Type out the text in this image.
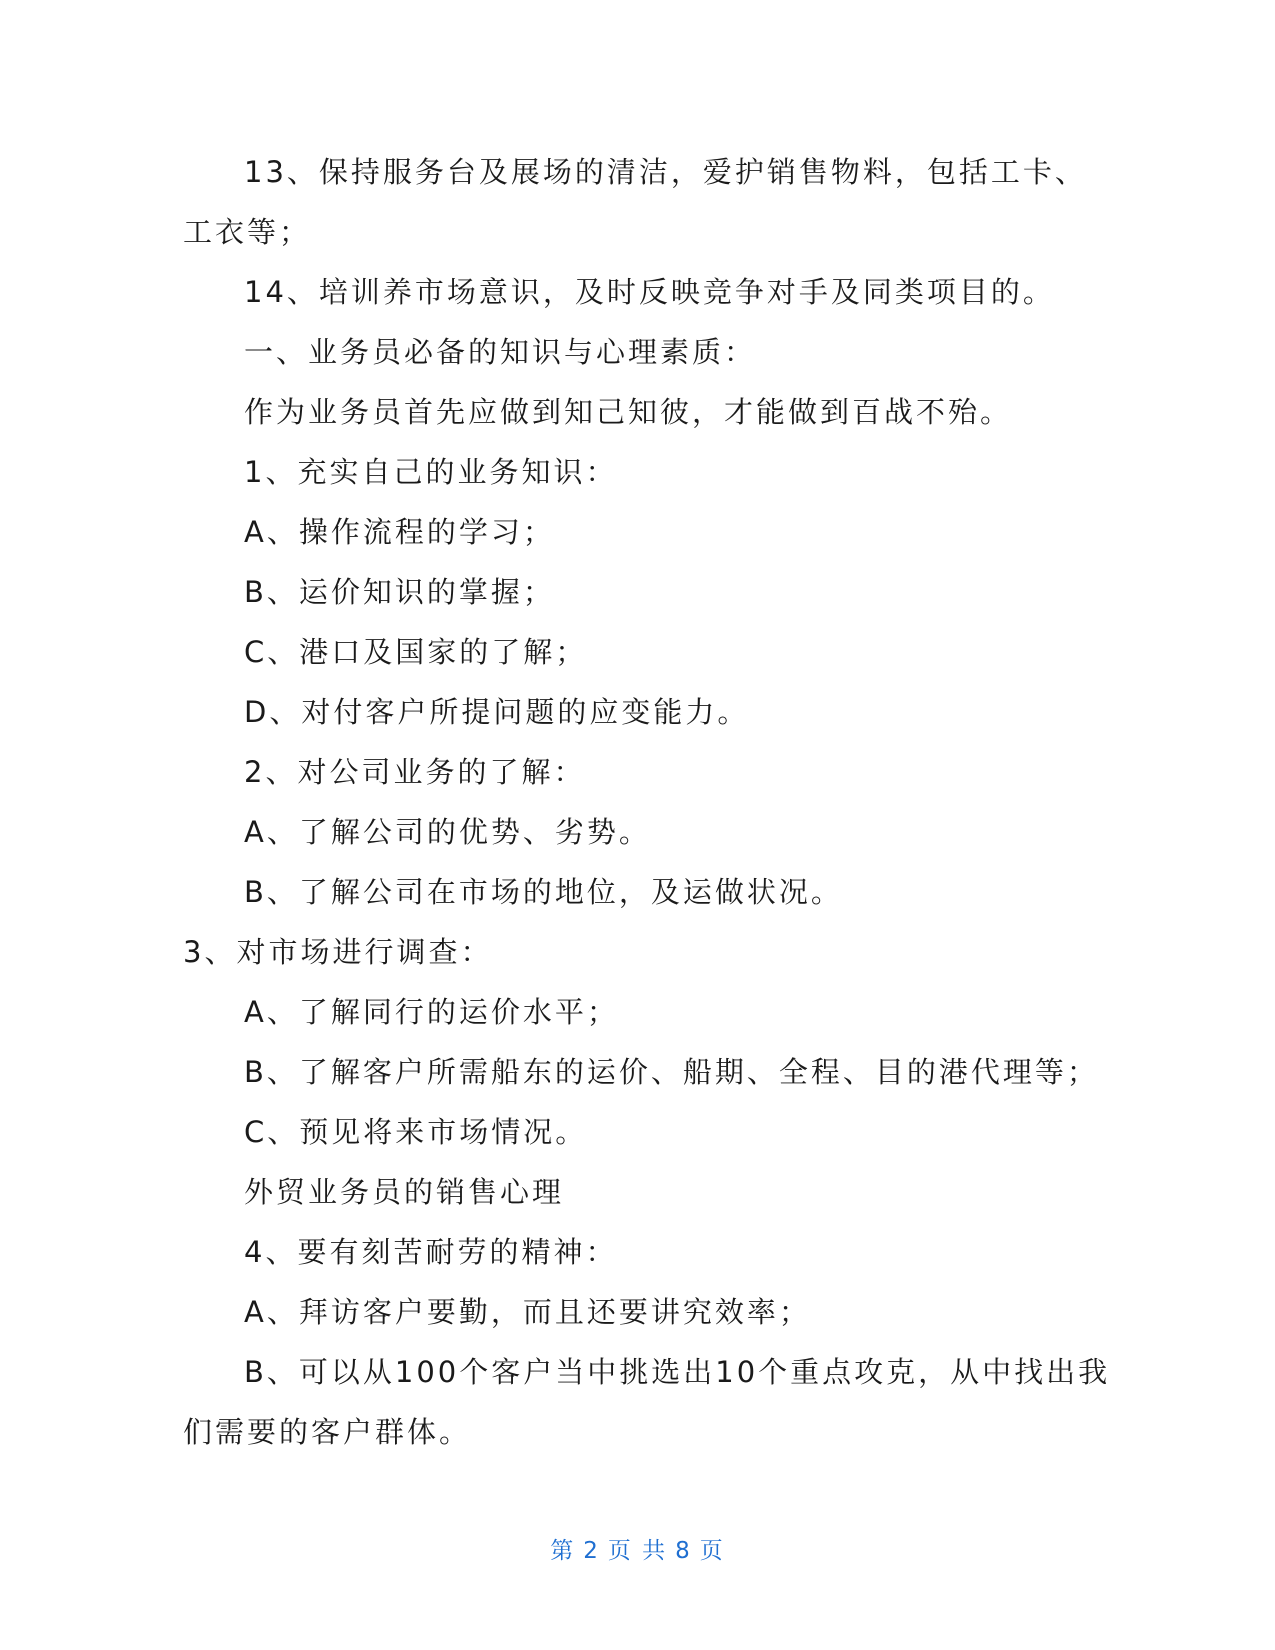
13、保持服务台及展场的清洁，爱护销售物料，包括工卡、
工衣等；
14、培训养市场意识，及时反映竞争对手及同类项目的。
一、业务员必备的知识与心理素质：
作为业务员首先应做到知己知彼，才能做到百战不殆。
1、充实自己的业务知识：
A、操作流程的学习；
B、运价知识的掌握；
C、港口及国家的了解；
D、对付客户所提问题的应变能力。
2、对公司业务的了解：
A、了解公司的优势、劣势。
B、了解公司在市场的地位，及运做状况。
3、对市场进行调查：
A、了解同行的运价水平；
B、了解客户所需船东的运价、船期、全程、目的港代理等；
C、预见将来市场情况。
外贸业务员的销售心理
4、要有刻苦耐劳的精神：
A、拜访客户要勤，而且还要讲究效率；
B、可以从100个客户当中挑选出10个重点攻克，从中找出我
们需要的客户群体。
第 2 页 共 8 页
